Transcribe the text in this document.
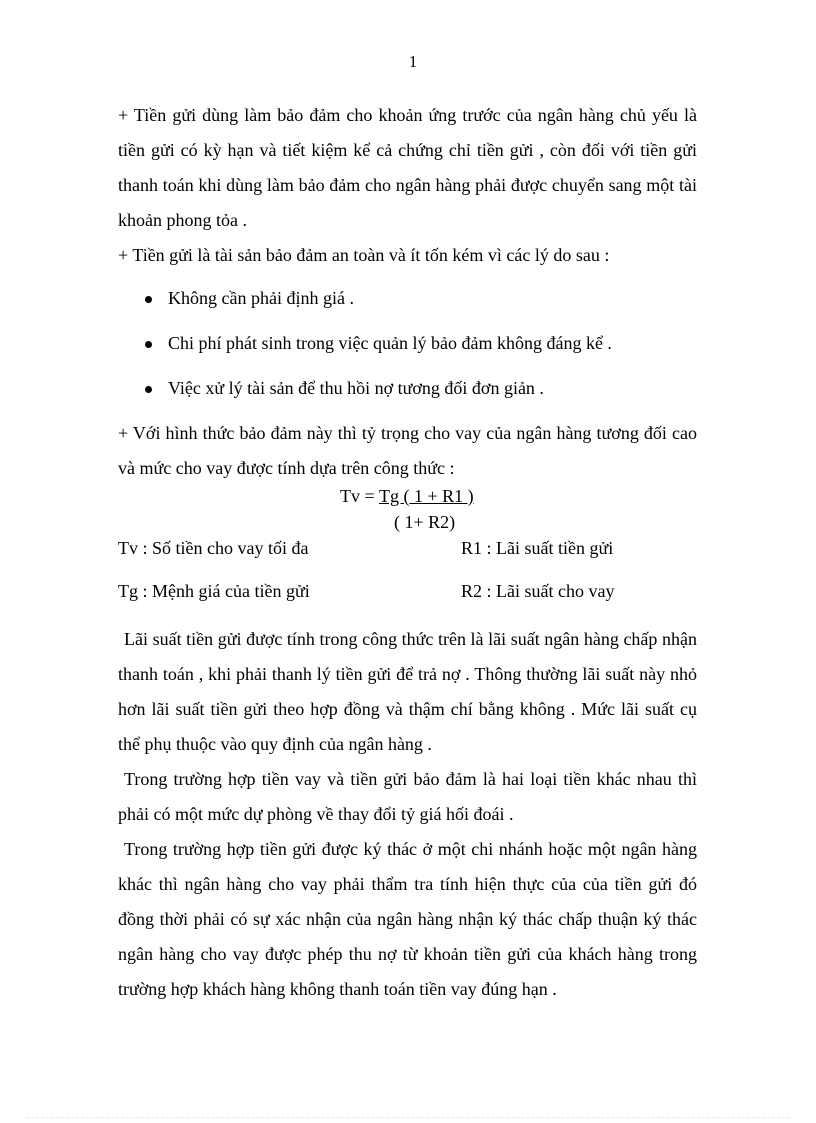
1

+ Tiền gửi dùng làm bảo đảm cho khoản ứng trước của ngân hàng chủ yếu là tiền gửi có kỳ hạn và tiết kiệm kể cả chứng chỉ tiền gửi , còn đối với tiền gửi thanh toán khi dùng làm bảo đảm cho ngân hàng phải được chuyển sang một tài khoản phong tỏa .

+ Tiền gửi là tài sản bảo đảm an toàn và ít tốn kém vì các lý do sau :

Không cần phải định giá .
Chi phí phát sinh trong việc quản lý bảo đảm không đáng kể .
Việc xử lý tài sản để thu hồi nợ tương đối đơn giản .

+ Với hình thức bảo đảm này thì tỷ trọng cho vay của ngân hàng tương đối cao và mức cho vay được tính dựa trên công thức :

Tv = Tg ( 1 + R1 )
( 1+ R2)
Tv : Số tiền cho vay tối đa	R1 : Lãi suất tiền gửi
Tg : Mệnh giá của tiền gửi	R2 : Lãi suất cho vay

Lãi suất tiền gửi được tính trong công thức trên là lãi suất ngân hàng chấp nhận thanh toán , khi phải thanh lý tiền gửi để trả nợ . Thông thường lãi suất này nhỏ hơn lãi suất tiền gửi theo hợp đồng và thậm chí bằng không . Mức lãi suất cụ thể phụ thuộc vào quy định của ngân hàng .

Trong trường hợp tiền vay và tiền gửi bảo đảm là hai loại tiền khác nhau thì phải có một mức dự phòng về thay đổi tỷ giá hối đoái .

Trong trường hợp tiền gửi được ký thác ở một chi nhánh hoặc một ngân hàng khác thì ngân hàng cho vay phải thẩm tra tính hiện thực của của tiền gửi đó đồng thời phải có sự xác nhận của ngân hàng nhận ký thác chấp thuận ký thác ngân hàng cho vay được phép thu nợ từ khoản tiền gửi của khách hàng trong trường hợp khách hàng không thanh toán tiền vay đúng hạn .
